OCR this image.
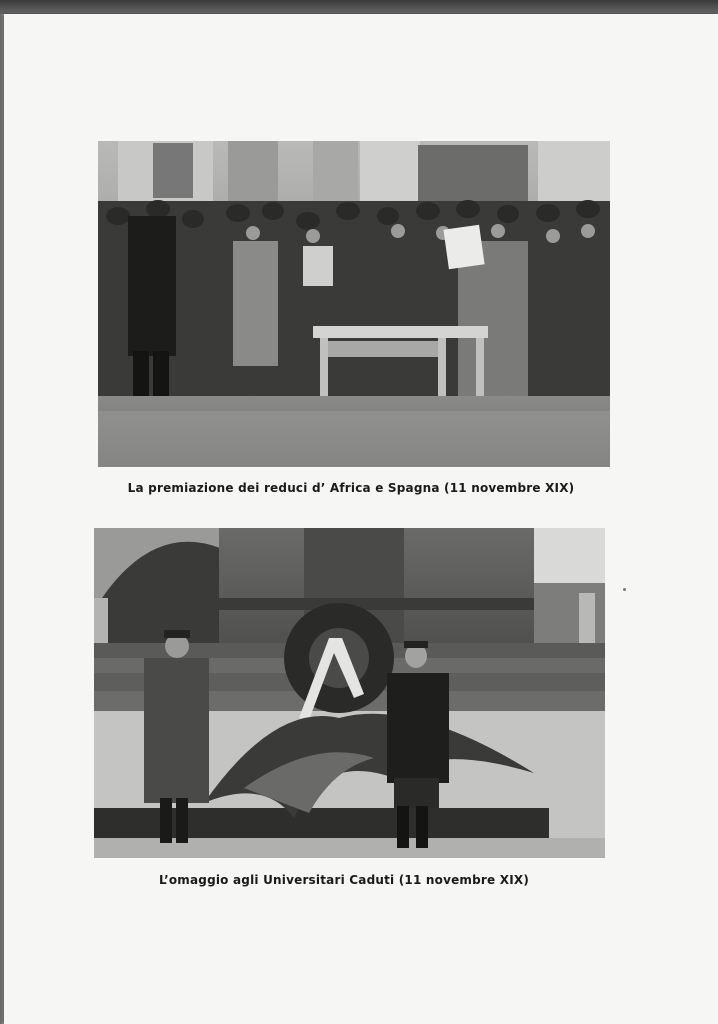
La premiazione dei reduci d’ Africa e Spagna (11 novembre XIX)
L’omaggio agli Universitari Caduti (11 novembre XIX)
